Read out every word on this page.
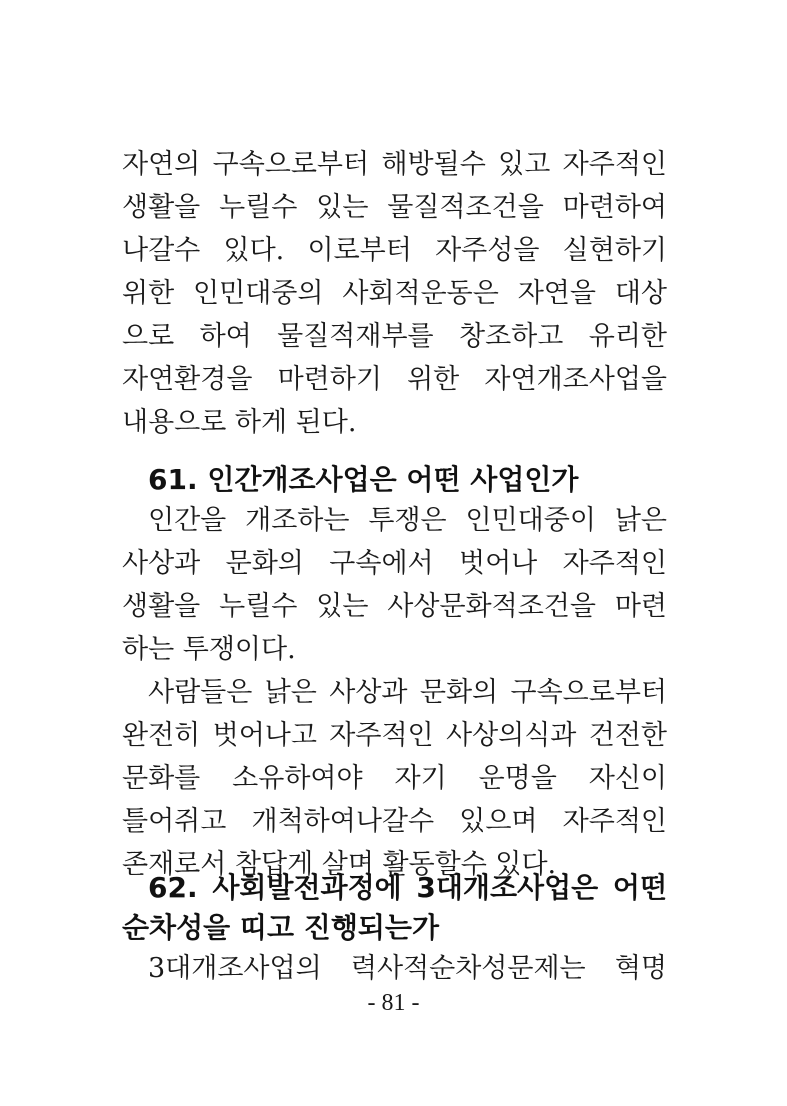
자연의 구속으로부터 해방될수 있고 자주적인
생활을 누릴수 있는 물질적조건을 마련하여
나갈수 있다. 이로부터 자주성을 실현하기
위한 인민대중의 사회적운동은 자연을 대상
으로 하여 물질적재부를 창조하고 유리한
자연환경을 마련하기 위한 자연개조사업을
내용으로 하게 된다.
61. 인간개조사업은 어떤 사업인가
인간을 개조하는 투쟁은 인민대중이 낡은
사상과 문화의 구속에서 벗어나 자주적인
생활을 누릴수 있는 사상문화적조건을 마련
하는 투쟁이다.
사람들은 낡은 사상과 문화의 구속으로부터
완전히 벗어나고 자주적인 사상의식과 건전한
문화를 소유하여야 자기 운명을 자신이
틀어쥐고 개척하여나갈수 있으며 자주적인
존재로서 참답게 살며 활동할수 있다.
62. 사회발전과정에 3대개조사업은 어떤
순차성을 띠고 진행되는가
3대개조사업의 력사적순차성문제는 혁명
- 81 -
